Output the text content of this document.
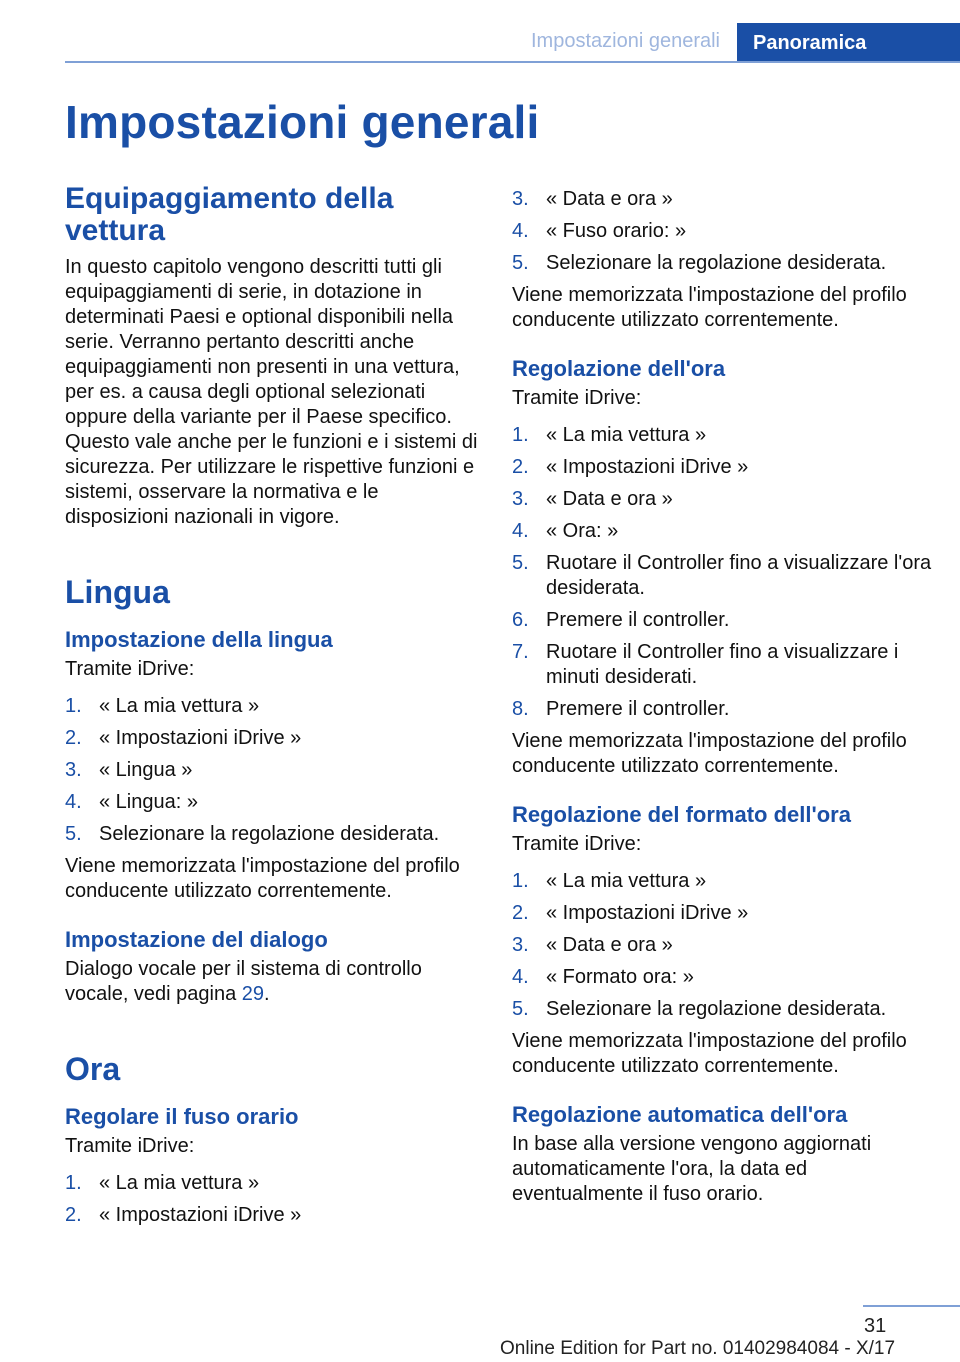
Impostazioni generali	Panoramica
Impostazioni generali
Equipaggiamento della vettura

In questo capitolo vengono descritti tutti gli equipaggiamenti di serie, in dotazione in determinati Paesi e optional disponibili nella serie. Verranno pertanto descritti anche equipaggiamenti non presenti in una vettura, per es. a causa degli optional selezionati oppure della variante per il Paese specifico. Questo vale anche per le funzioni e i sistemi di sicurezza. Per utilizzare le rispettive funzioni e sistemi, osservare la normativa e le disposizioni nazionali in vigore.

Lingua
Impostazione della lingua

Tramite iDrive:

1. « La mia vettura »
2. « Impostazioni iDrive »
3. « Lingua »
4. « Lingua: »
5. Selezionare la regolazione desiderata.

Viene memorizzata l'impostazione del profilo conducente utilizzato correntemente.

Impostazione del dialogo

Dialogo vocale per il sistema di controllo vocale, vedi pagina 29.

Ora
Regolare il fuso orario

Tramite iDrive:

1. « La mia vettura »
2. « Impostazioni iDrive »
3. « Data e ora »
4. « Fuso orario: »
5. Selezionare la regolazione desiderata.

Viene memorizzata l'impostazione del profilo conducente utilizzato correntemente.

Regolazione dell'ora

Tramite iDrive:

1. « La mia vettura »
2. « Impostazioni iDrive »
3. « Data e ora »
4. « Ora: »
5. Ruotare il Controller fino a visualizzare l'ora desiderata.
6. Premere il controller.
7. Ruotare il Controller fino a visualizzare i minuti desiderati.
8. Premere il controller.

Viene memorizzata l'impostazione del profilo conducente utilizzato correntemente.

Regolazione del formato dell'ora

Tramite iDrive:

1. « La mia vettura »
2. « Impostazioni iDrive »
3. « Data e ora »
4. « Formato ora: »
5. Selezionare la regolazione desiderata.

Viene memorizzata l'impostazione del profilo conducente utilizzato correntemente.

Regolazione automatica dell'ora

In base alla versione vengono aggiornati automaticamente l'ora, la data ed eventualmente il fuso orario.

31
Online Edition for Part no. 01402984084 - X/17
